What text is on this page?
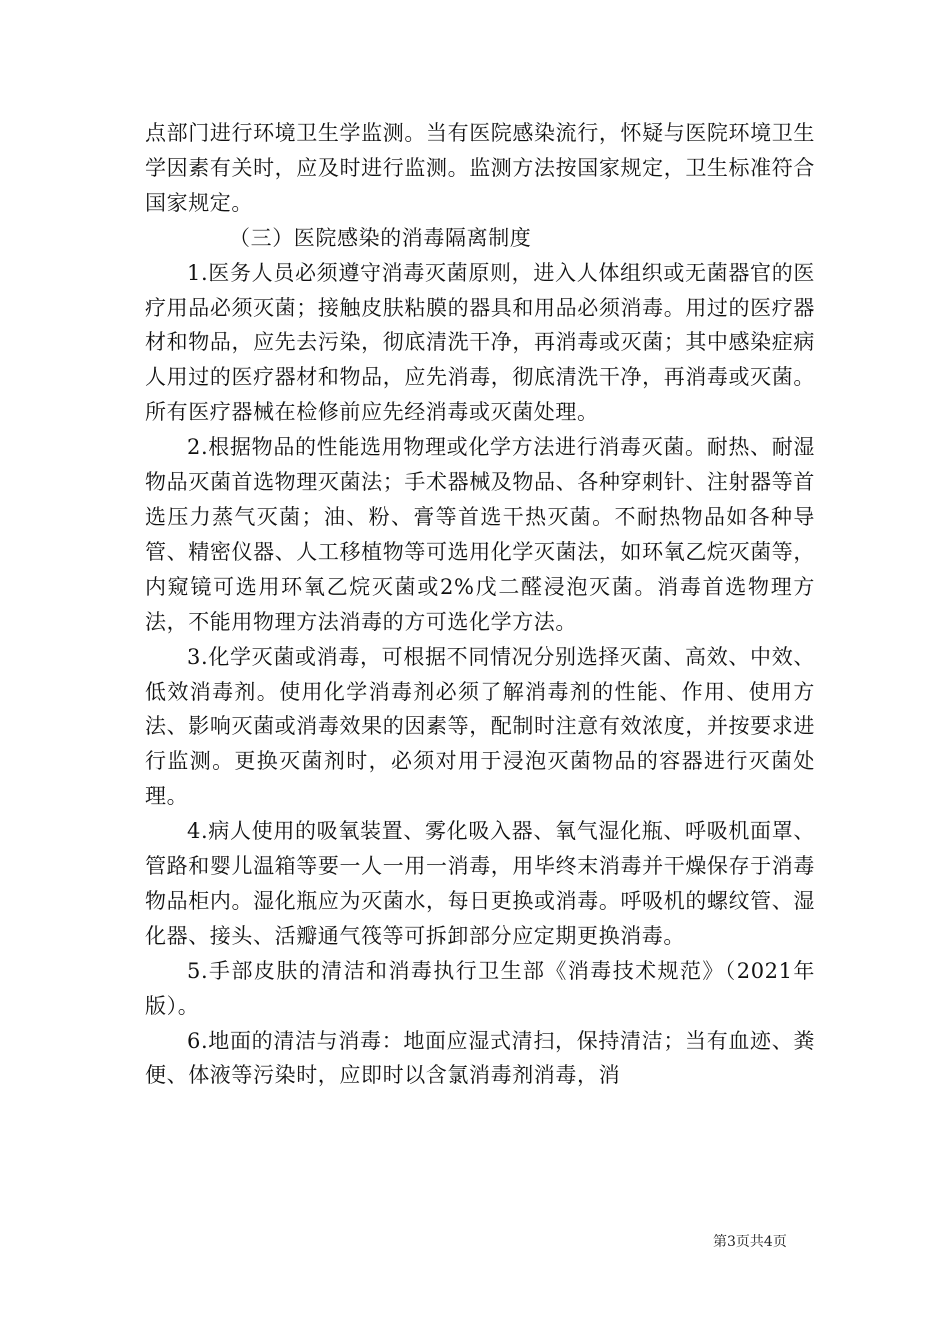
点部门进行环境卫生学监测。当有医院感染流行，怀疑与医院环境卫生学因素有关时，应及时进行监测。监测方法按国家规定，卫生标准符合国家规定。

（三）医院感染的消毒隔离制度

1.医务人员必须遵守消毒灭菌原则，进入人体组织或无菌器官的医疗用品必须灭菌；接触皮肤粘膜的器具和用品必须消毒。用过的医疗器材和物品，应先去污染，彻底清洗干净，再消毒或灭菌；其中感染症病人用过的医疗器材和物品，应先消毒，彻底清洗干净，再消毒或灭菌。所有医疗器械在检修前应先经消毒或灭菌处理。

2.根据物品的性能选用物理或化学方法进行消毒灭菌。耐热、耐湿物品灭菌首选物理灭菌法；手术器械及物品、各种穿刺针、注射器等首选压力蒸气灭菌；油、粉、膏等首选干热灭菌。不耐热物品如各种导管、精密仪器、人工移植物等可选用化学灭菌法，如环氧乙烷灭菌等，内窥镜可选用环氧乙烷灭菌或2%戊二醛浸泡灭菌。消毒首选物理方法，不能用物理方法消毒的方可选化学方法。

3.化学灭菌或消毒，可根据不同情况分别选择灭菌、高效、中效、低效消毒剂。使用化学消毒剂必须了解消毒剂的性能、作用、使用方法、影响灭菌或消毒效果的因素等，配制时注意有效浓度，并按要求进行监测。更换灭菌剂时，必须对用于浸泡灭菌物品的容器进行灭菌处理。

4.病人使用的吸氧装置、雾化吸入器、氧气湿化瓶、呼吸机面罩、管路和婴儿温箱等要一人一用一消毒，用毕终末消毒并干燥保存于消毒物品柜内。湿化瓶应为灭菌水，每日更换或消毒。呼吸机的螺纹管、湿化器、接头、活瓣通气筏等可拆卸部分应定期更换消毒。

5.手部皮肤的清洁和消毒执行卫生部《消毒技术规范》（2021年版）。

6.地面的清洁与消毒：地面应湿式清扫，保持清洁；当有血迹、粪便、体液等污染时，应即时以含氯消毒剂消毒，消

第3页共4页
